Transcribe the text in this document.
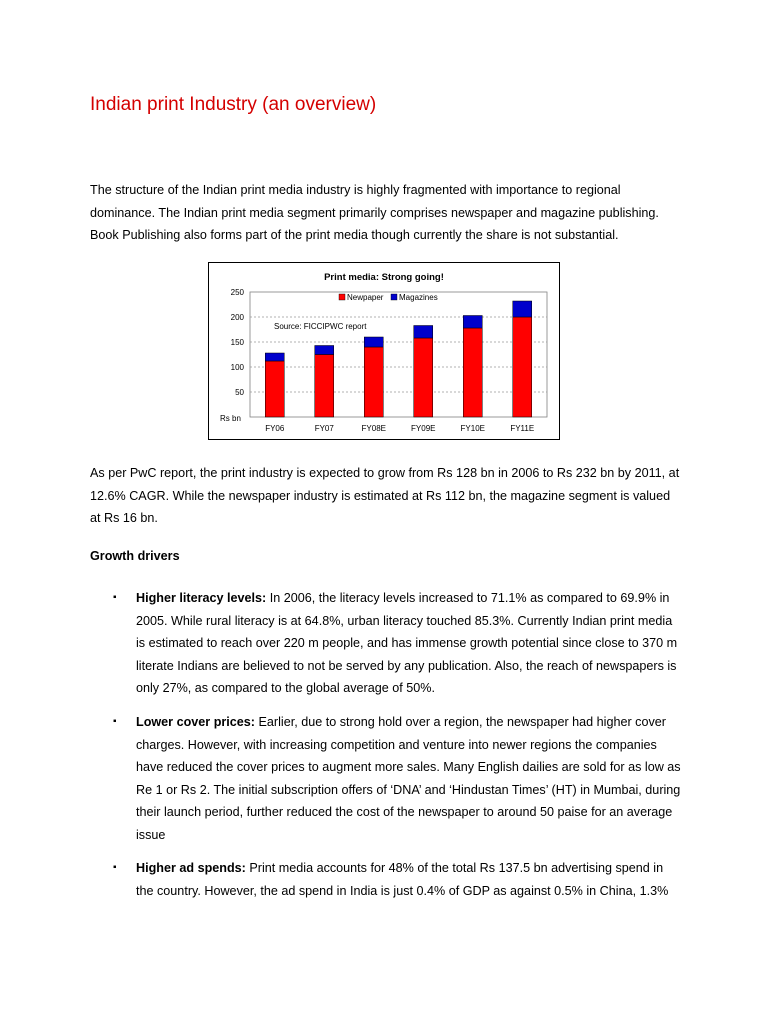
Indian print Industry (an overview)

The structure of the Indian print media industry is highly fragmented with importance to regional dominance. The Indian print media segment primarily comprises newspaper and magazine publishing. Book Publishing also forms part of the print media though currently the share is not substantial.

Print media: Strong going!
250
200
150
100
50
FY06	FY07	FY08E	FY09E	FY10E	FY11E
Newpaper Magazines
Source: FICCIPWC report
Rs bn

As per PwC report, the print industry is expected to grow from Rs 128 bn in 2006 to Rs 232 bn by 2011, at 12.6% CAGR. While the newspaper industry is estimated at Rs 112 bn, the magazine segment is valued at Rs 16 bn.

Growth drivers
▪ Higher literacy levels: In 2006, the literacy levels increased to 71.1% as compared to 69.9% in 2005. While rural literacy is at 64.8%, urban literacy touched 85.3%. Currently Indian print media is estimated to reach over 220 m people, and has immense growth potential since close to 370 m literate Indians are believed to not be served by any publication. Also, the reach of newspapers is only 27%, as compared to the global average of 50%.
▪ Lower cover prices: Earlier, due to strong hold over a region, the newspaper had higher cover charges. However, with increasing competition and venture into newer regions the companies have reduced the cover prices to augment more sales. Many English dailies are sold for as low as Re 1 or Rs 2. The initial subscription offers of ‘DNA’ and ‘Hindustan Times’ (HT) in Mumbai, during their launch period, further reduced the cost of the newspaper to around 50 paise for an average issue
▪ Higher ad spends: Print media accounts for 48% of the total Rs 137.5 bn advertising spend in the country. However, the ad spend in India is just 0.4% of GDP as against 0.5% in China, 1.3%
